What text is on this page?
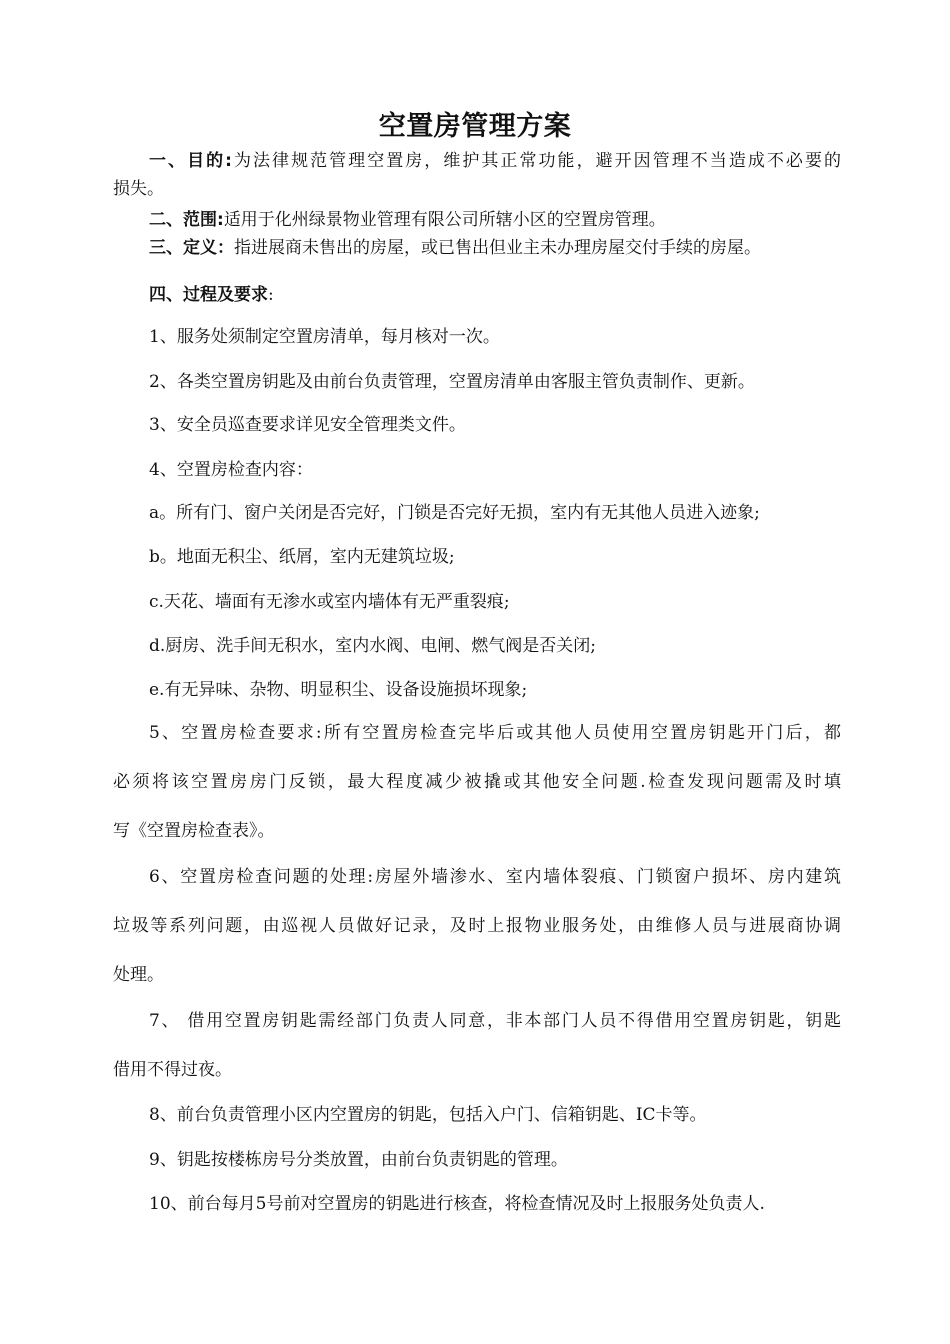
空置房管理方案
一、目的:为法律规范管理空置房，维护其正常功能，避开因管理不当造成不必要的
损失。
二、范围:适用于化州绿景物业管理有限公司所辖小区的空置房管理。
三、定义：指进展商未售出的房屋，或已售出但业主未办理房屋交付手续的房屋。
四、过程及要求:
1、服务处须制定空置房清单，每月核对一次。
2、各类空置房钥匙及由前台负责管理，空置房清单由客服主管负责制作、更新。
3、安全员巡查要求详见安全管理类文件。
4、空置房检查内容：
a。所有门、窗户关闭是否完好，门锁是否完好无损，室内有无其他人员进入迹象;
b。地面无积尘、纸屑，室内无建筑垃圾;
c.天花、墙面有无渗水或室内墙体有无严重裂痕;
d.厨房、洗手间无积水，室内水阀、电闸、燃气阀是否关闭;
e.有无异味、杂物、明显积尘、设备设施损坏现象;
5、空置房检查要求:所有空置房检查完毕后或其他人员使用空置房钥匙开门后，都
必须将该空置房房门反锁，最大程度减少被撬或其他安全问题.检查发现问题需及时填
写《空置房检查表》。
6、空置房检查问题的处理:房屋外墙渗水、室内墙体裂痕、门锁窗户损坏、房内建筑
垃圾等系列问题，由巡视人员做好记录，及时上报物业服务处，由维修人员与进展商协调
处理。
7、 借用空置房钥匙需经部门负责人同意，非本部门人员不得借用空置房钥匙，钥匙
借用不得过夜。
8、前台负责管理小区内空置房的钥匙，包括入户门、信箱钥匙、IC卡等。
9、钥匙按楼栋房号分类放置，由前台负责钥匙的管理。
10、前台每月5号前对空置房的钥匙进行核查，将检查情况及时上报服务处负责人.
